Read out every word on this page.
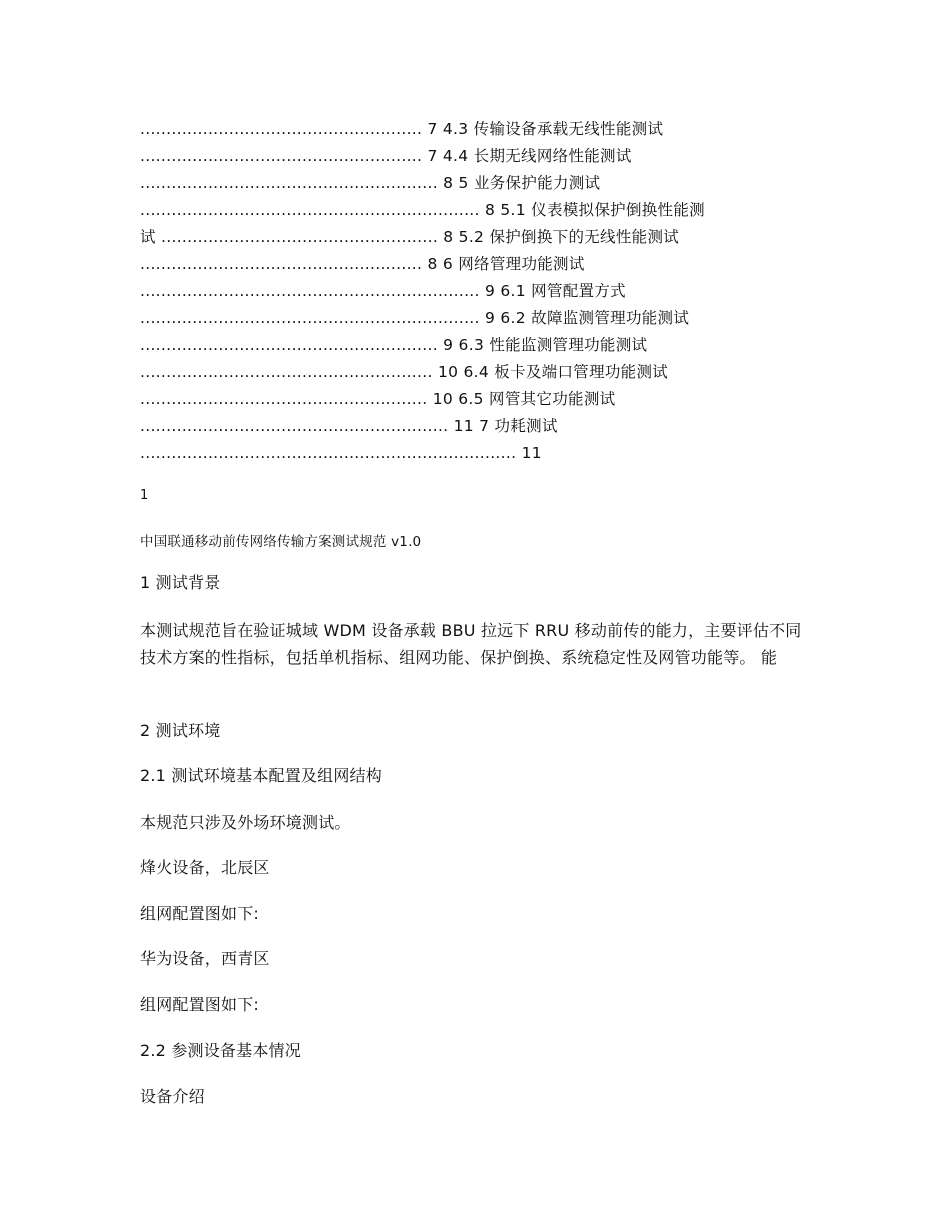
...................................................... 7 4.3 传输设备承载无线性能测试
...................................................... 7 4.4 长期无线网络性能测试
......................................................... 8 5 业务保护能力测试
................................................................. 8 5.1 仪表模拟保护倒换性能测
试 ..................................................... 8 5.2 保护倒换下的无线性能测试
...................................................... 8 6 网络管理功能测试
................................................................. 9 6.1 网管配置方式
................................................................. 9 6.2 故障监测管理功能测试
......................................................... 9 6.3 性能监测管理功能测试
........................................................ 10 6.4 板卡及端口管理功能测试
....................................................... 10 6.5 网管其它功能测试
........................................................... 11 7 功耗测试
........................................................................ 11
1
中国联通移动前传网络传输方案测试规范 v1.0
1 测试背景
本测试规范旨在验证城域 WDM 设备承载 BBU 拉远下 RRU 移动前传的能力，主要评估不同技术方案的性指标，包括单机指标、组网功能、保护倒换、系统稳定性及网管功能等。 能
2 测试环境
2.1 测试环境基本配置及组网结构
本规范只涉及外场环境测试。
烽火设备，北辰区
组网配置图如下:
华为设备，西青区
组网配置图如下:
2.2 参测设备基本情况
设备介绍
